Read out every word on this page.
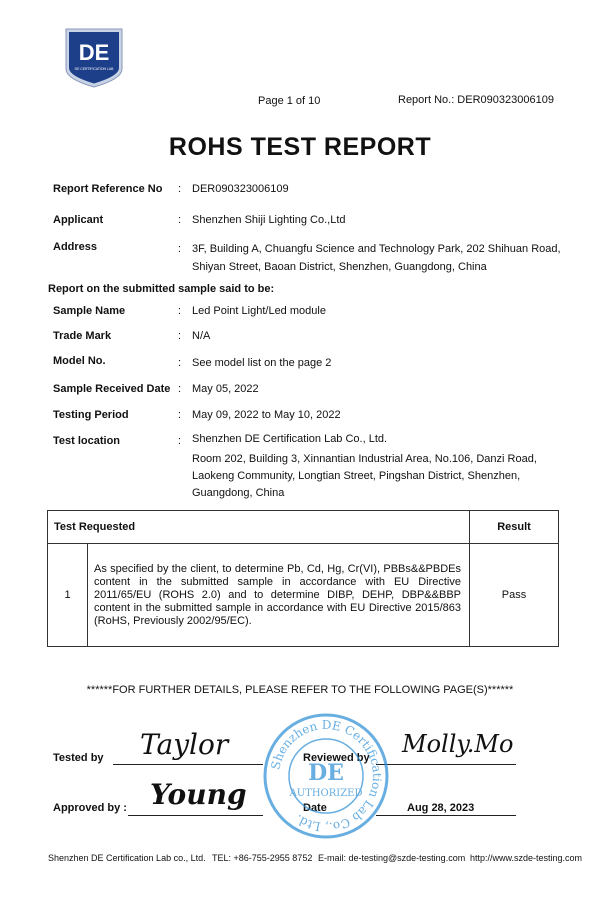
DE
DE CERTIFICATION LAB
Page 1 of 10	Report No.: DER090323006109
ROHS TEST REPORT
Report Reference No : DER090323006109
Applicant	: Shenzhen Shiji Lighting Co.,Ltd
Address	: 3F, Building A, Chuangfu Science and Technology Park, 202 Shihuan Road,
Shiyan Street, Baoan District, Shenzhen, Guangdong, China
Report on the submitted sample said to be:
Sample Name	: Led Point Light/Led module
Trade Mark	: N/A
Model No.	: See model list on the page 2
Sample Received Date : May 05, 2022
Testing Period	: May 09, 2022 to May 10, 2022
Test location	: Shenzhen DE Certification Lab Co., Ltd.
Room 202, Building 3, Xinnantian Industrial Area, No.106, Danzi Road,
Laokeng Community, Longtian Street, Pingshan District, Shenzhen,
Guangdong, China
Test Requested		Result
1	As specified by the client, to determine Pb, Cd, Hg, Cr(VI), PBBs&&PBDEs content in the submitted sample in accordance with EU Directive 2011/65/EU (ROHS 2.0) and to determine DIBP, DEHP, DBP&&BBP content in the submitted sample in accordance with EU Directive 2015/863 (RoHS, Previously 2002/95/EC).	Pass
******FOR FURTHER DETAILS, PLEASE REFER TO THE FOLLOWING PAGE(S)******
Tested by Taylor	Reviewed by Molly.Mo
Approved by : Young	Date	Aug 28, 2023
Shenzhen DE Certification Lab Co., Ltd.
DE
AUTHORIZED
Shenzhen DE Certification Lab co., Ltd. TEL: +86-755-2955 8752 E-mail: de-testing@szde-testing.com http://www.szde-testing.com
